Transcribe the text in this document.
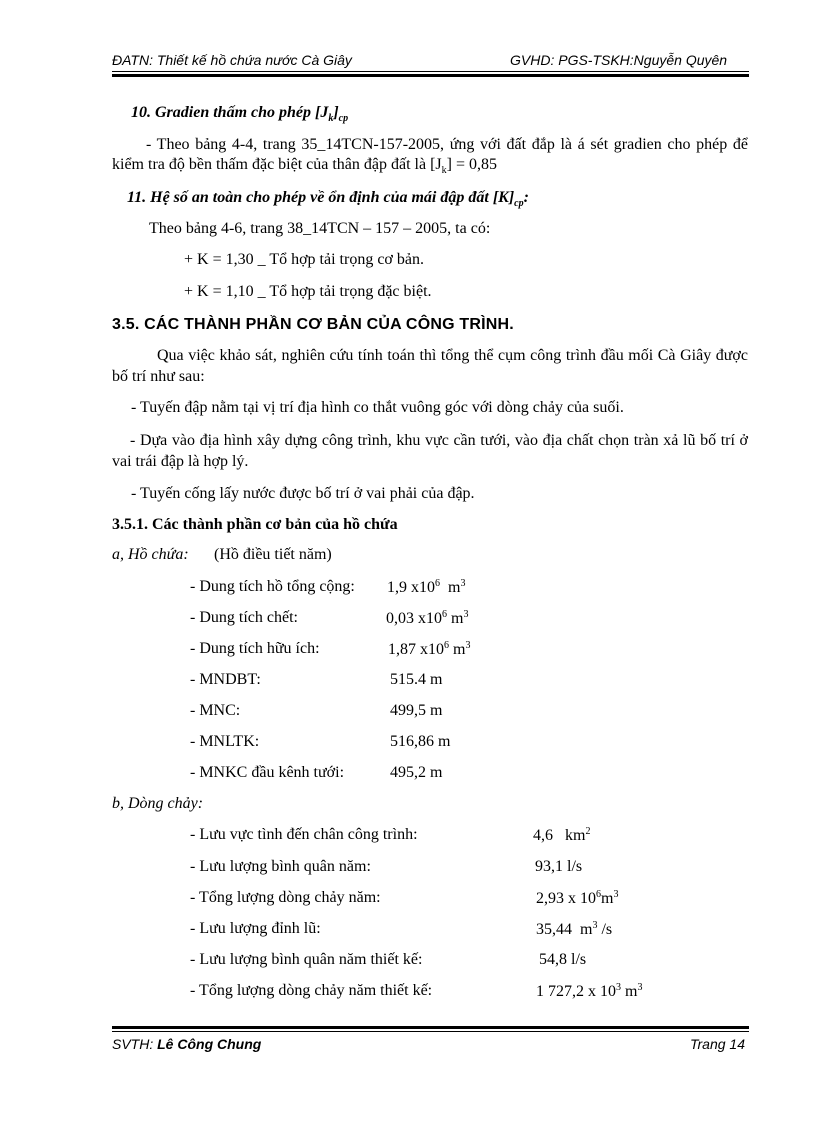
ĐATN: Thiết kế hồ chứa nước Cà Giây	GVHD: PGS-TSKH:Nguyễn Quyên
10. Gradien thấm cho phép $[J_k]_{cp}$
- Theo bảng 4-4, trang 35_14TCN-157-2005, ứng với đất đắp là á sét gradien cho phép để kiểm tra độ bền thấm đặc biệt của thân đập đất là $[J_k] = 0,85$
11. Hệ số an toàn cho phép về ổn định của mái đập đất $[K]_{cp}$:
Theo bảng 4-6, trang 38_14TCN – 157 – 2005, ta có:
+ K = 1,30 _ Tổ hợp tải trọng cơ bản.
+ K = 1,10 _ Tổ hợp tải trọng đặc biệt.
3.5. CÁC THÀNH PHẦN CƠ BẢN CỦA CÔNG TRÌNH.
Qua việc khảo sát, nghiên cứu tính toán thì tổng thể cụm công trình đầu mối Cà Giây được bố trí như sau:
- Tuyến đập nằm tại vị trí địa hình co thắt vuông góc với dòng chảy của suối.
- Dựa vào địa hình xây dựng công trình, khu vực cần tưới, vào địa chất chọn tràn xả lũ bố trí ở vai trái đập là hợp lý.
- Tuyến cống lấy nước được bố trí ở vai phải của đập.
3.5.1. Các thành phần cơ bản của hồ chứa
a, Hồ chứa: (Hồ điều tiết năm)
- Dung tích hồ tổng cộng: 1,9 $x10^6$ $m^3$
- Dung tích chết:	0,03 $x10^6$ $m^3$
- Dung tích hữu ích:	1,87 $x10^6$ $m^3$
- MNDBT:	515.4 m
- MNC:	499,5 m
- MNLTK:	516,86 m
- MNKC đầu kênh tưới:	495,2 m
b, Dòng chảy:
- Lưu vực tình đến chân công trình:	4,6   $km^2$
- Lưu lượng bình quân năm:	93,1 l/s
- Tổng lượng dòng chảy năm:	2,93 x $10^6m^3$
- Lưu lượng đỉnh lũ:	35,44  $m^3$ /s
- Lưu lượng bình quân năm thiết kế:	54,8 l/s
- Tổng lượng dòng chảy năm thiết kế:	1 727,2 x $10^3$ $m^3$
SVTH: Lê Công Chung	Trang 14
